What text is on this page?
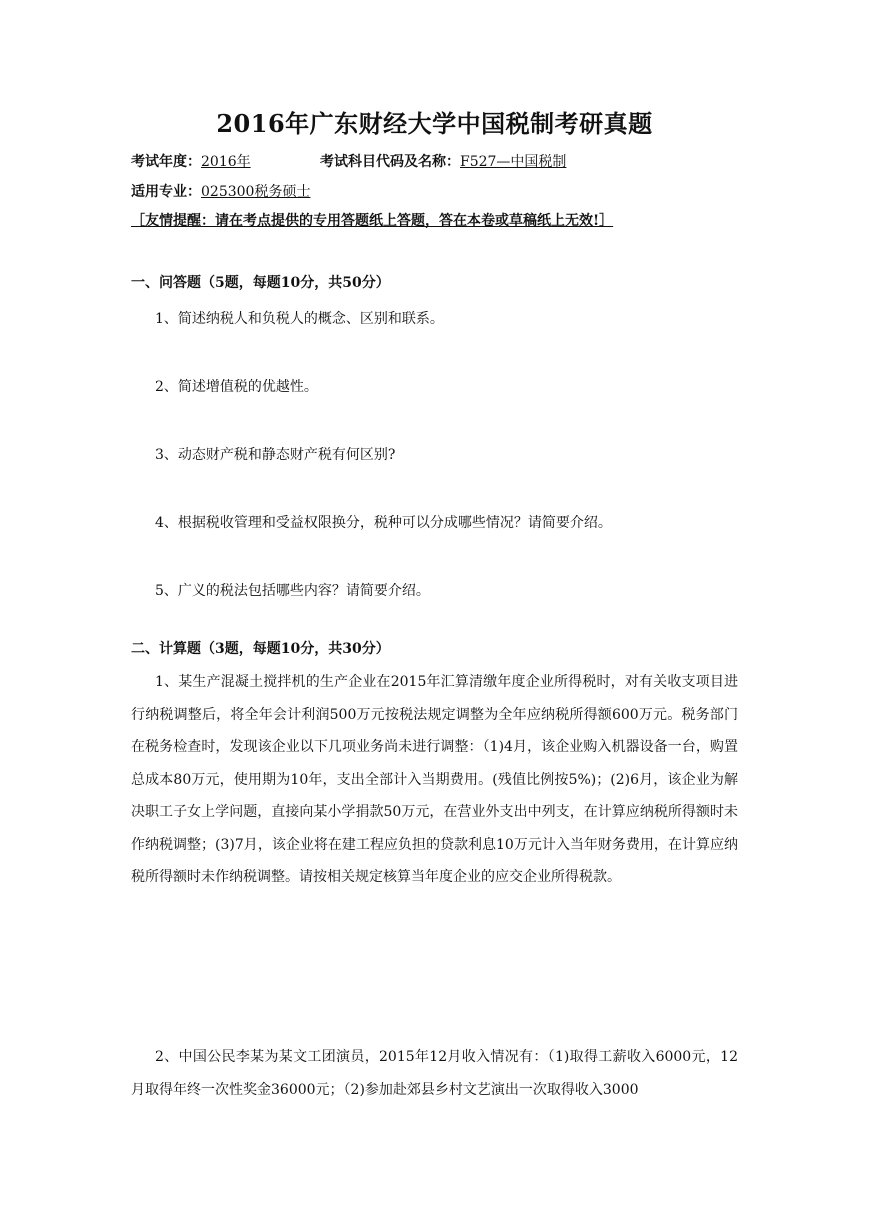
2016年广东财经大学中国税制考研真题
考试年度：2016年	考试科目代码及名称：F527—中国税制
适用专业：025300税务硕士
［友情提醒：请在考点提供的专用答题纸上答题，答在本卷或草稿纸上无效!］
一、问答题（5题，每题10分，共50分）
1、简述纳税人和负税人的概念、区别和联系。
2、简述增值税的优越性。
3、动态财产税和静态财产税有何区别?
4、根据税收管理和受益权限换分，税种可以分成哪些情况？请简要介绍。
5、广义的税法包括哪些内容？请简要介绍。
二、计算题（3题，每题10分，共30分）
1、某生产混凝土搅拌机的生产企业在2015年汇算清缴年度企业所得税时，对有关收支项目进行纳税调整后，将全年会计利润500万元按税法规定调整为全年应纳税所得额600万元。税务部门在税务检查时，发现该企业以下几项业务尚未进行调整：（1)4月，该企业购入机器设备一台，购置总成本80万元，使用期为10年，支出全部计入当期费用。(残值比例按5%)；(2)6月，该企业为解决职工子女上学问题，直接向某小学捐款50万元，在营业外支出中列支，在计算应纳税所得额时未作纳税调整；(3)7月，该企业将在建工程应负担的贷款利息10万元计入当年财务费用，在计算应纳税所得额时未作纳税调整。请按相关规定核算当年度企业的应交企业所得税款。
2、中国公民李某为某文工团演员，2015年12月收入情况有：（1)取得工薪收入6000元，12月取得年终一次性奖金36000元；（2)参加赴郊县乡村文艺演出一次取得收入3000
